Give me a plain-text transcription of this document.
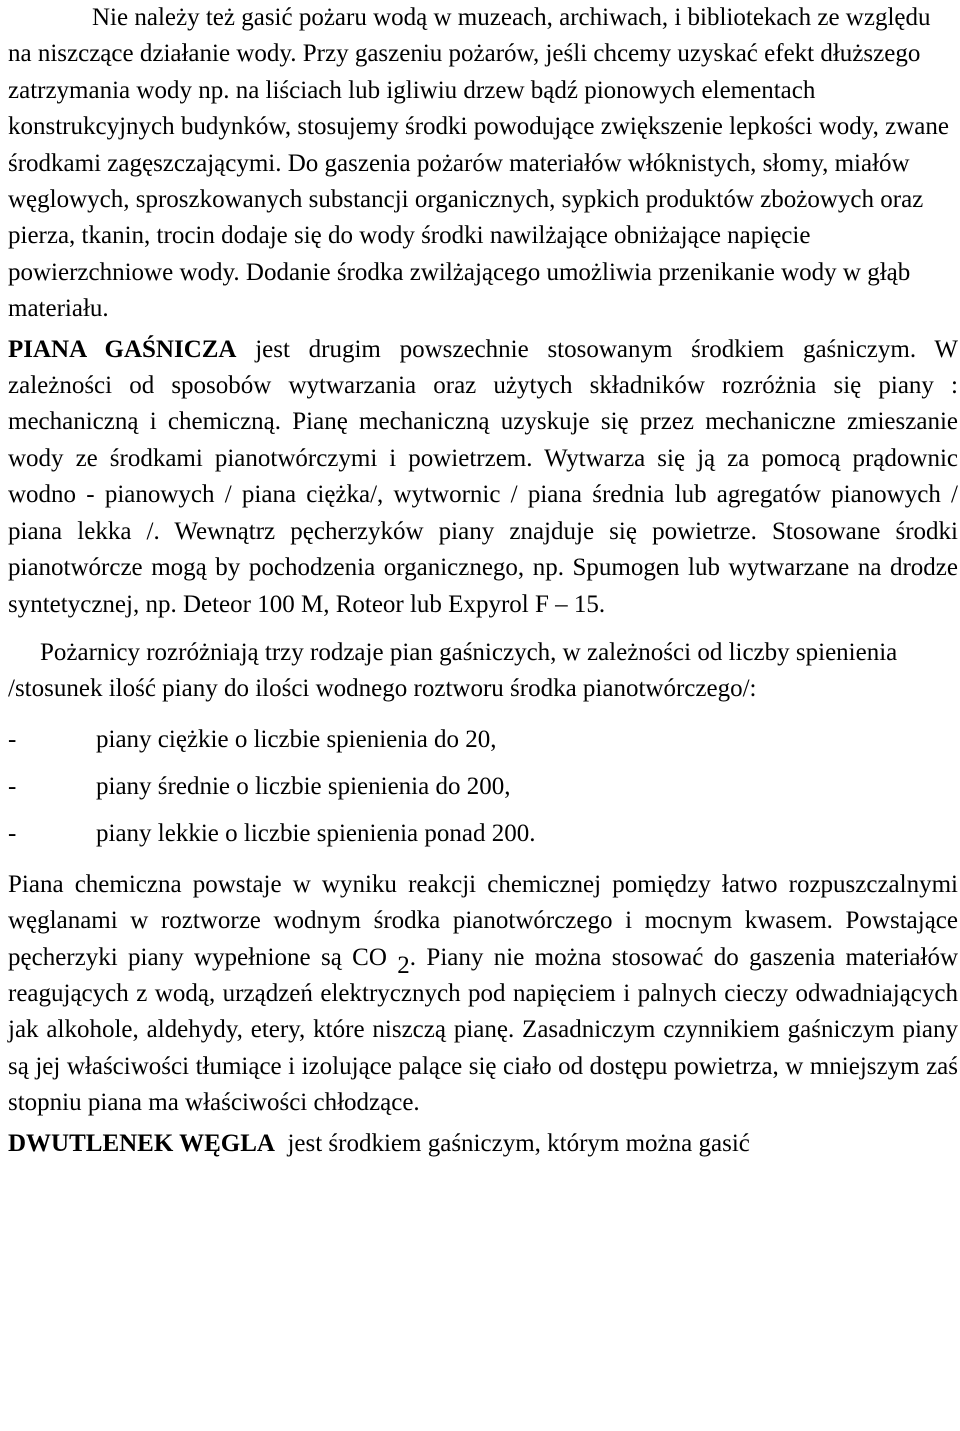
Nie należy też gasić pożaru wodą w muzeach, archiwach, i bibliotekach ze względu na niszczące działanie wody. Przy gaszeniu pożarów, jeśli chcemy uzyskać efekt dłuższego zatrzymania wody np. na liściach lub igliwiu drzew bądź pionowych elementach konstrukcyjnych budynków, stosujemy środki powodujące zwiększenie lepkości wody, zwane środkami zagęszczającymi. Do gaszenia pożarów materiałów włóknistych, słomy, miałów węglowych, sproszkowanych substancji organicznych, sypkich produktów zbożowych oraz pierza, tkanin, trocin dodaje się do wody środki nawilżające obniżające napięcie powierzchniowe wody. Dodanie środka zwilżającego umożliwia przenikanie wody w głąb materiału.

PIANA GAŚNICZA jest drugim powszechnie stosowanym środkiem gaśniczym. W zależności od sposobów wytwarzania oraz użytych składników rozróżnia się piany : mechaniczną i chemiczną. Pianę mechaniczną uzyskuje się przez mechaniczne zmieszanie wody ze środkami pianotwórczymi i powietrzem. Wytwarza się ją za pomocą prądownic wodno - pianowych / piana ciężka/, wytwornic / piana średnia lub agregatów pianowych / piana lekka /. Wewnątrz pęcherzyków piany znajduje się powietrze. Stosowane środki pianotwórcze mogą by pochodzenia organicznego, np. Spumogen lub wytwarzane na drodze syntetycznej, np. Deteor 100 M, Roteor lub Expyrol F – 15.

Pożarnicy rozróżniają trzy rodzaje pian gaśniczych, w zależności od liczby spienienia /stosunek ilość piany do ilości wodnego roztworu środka pianotwórczego/:

-	piany ciężkie o liczbie spienienia do 20,
-	piany średnie o liczbie spienienia do 200,
-	piany lekkie o liczbie spienienia ponad 200.

Piana chemiczna powstaje w wyniku reakcji chemicznej pomiędzy łatwo rozpuszczalnymi węglanami w roztworze wodnym środka pianotwórczego i mocnym kwasem. Powstające pęcherzyki piany wypełnione są CO 2. Piany nie można stosować do gaszenia materiałów reagujących z wodą, urządzeń elektrycznych pod napięciem i palnych cieczy odwadniających jak alkohole, aldehydy, etery, które niszczą pianę. Zasadniczym czynnikiem gaśniczym piany są jej właściwości tłumiące i izolujące palące się ciało od dostępu powietrza, w mniejszym zaś stopniu piana ma właściwości chłodzące.

DWUTLENEK WĘGLA  jest środkiem gaśniczym, którym można gasić
